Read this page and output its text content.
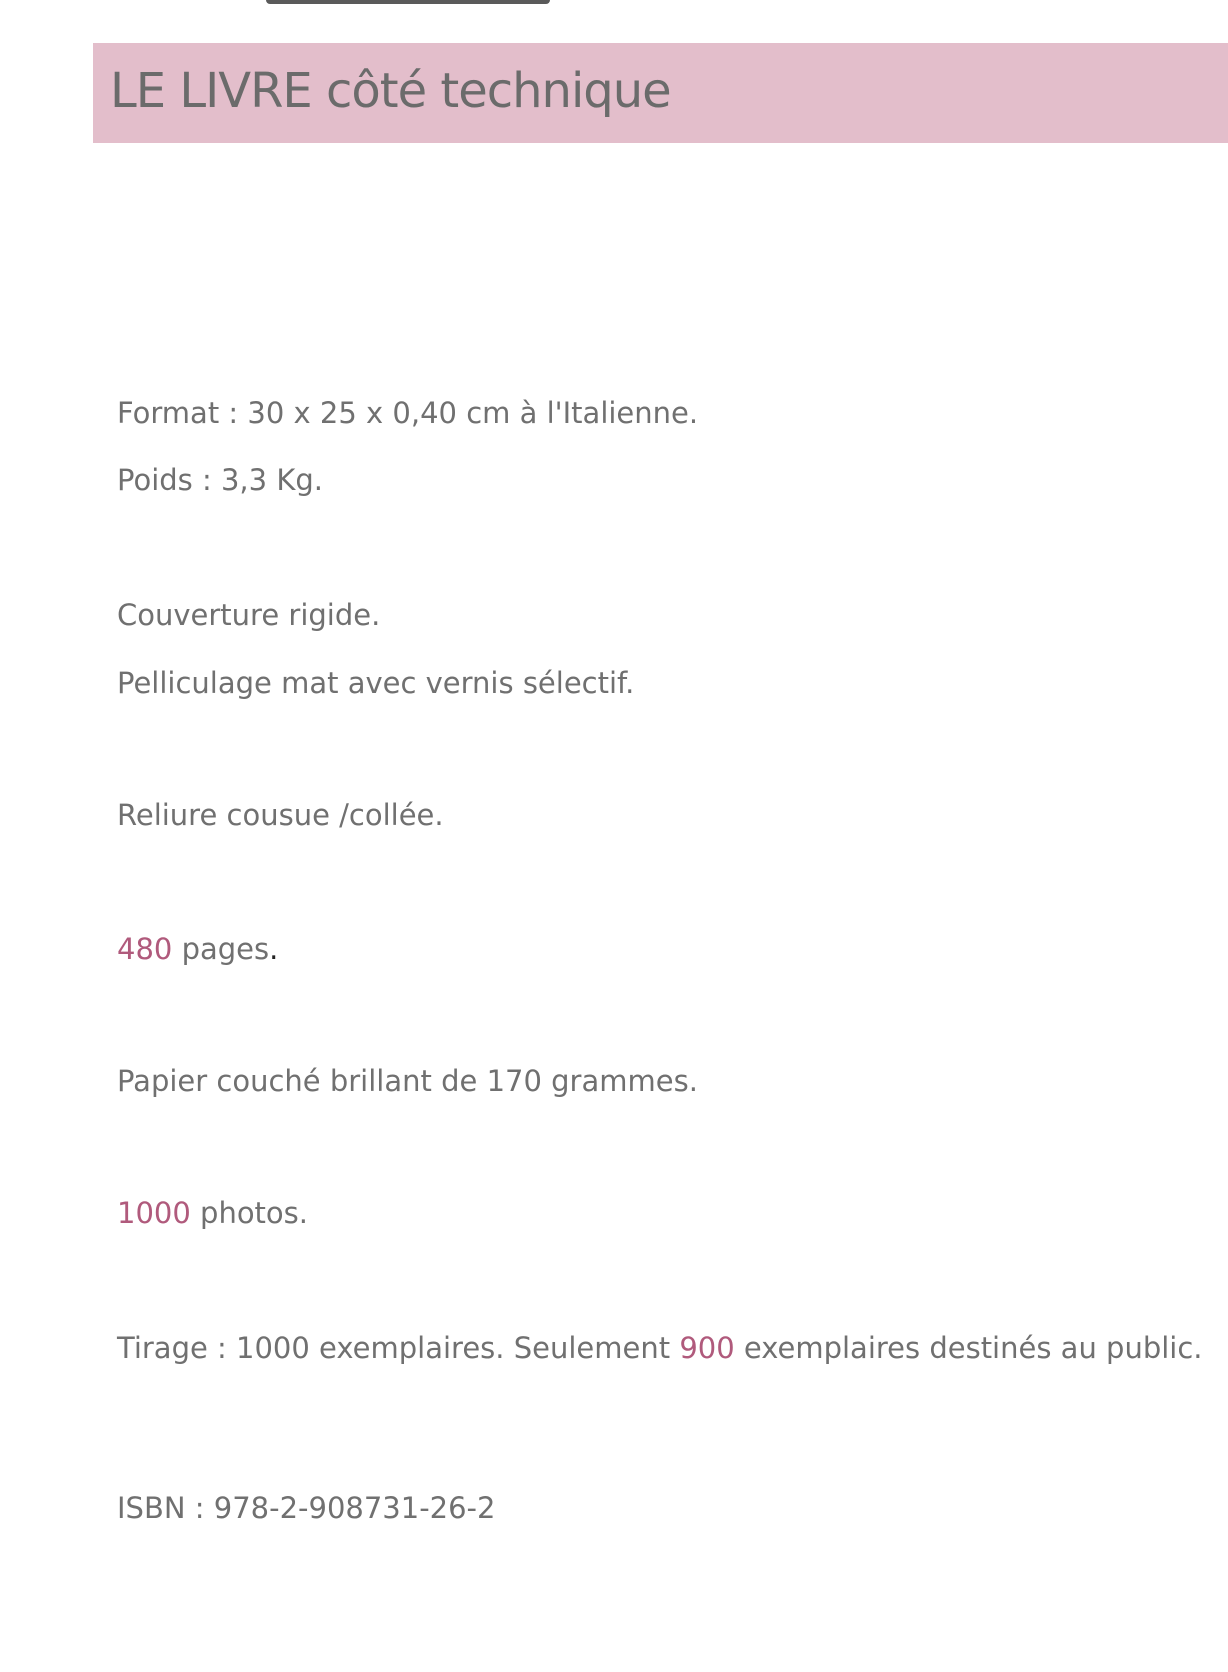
LE LIVRE côté technique

Format : 30 x 25 x 0,40 cm à l'Italienne.

Poids : 3,3 Kg.

Couverture rigide.

Pelliculage mat avec vernis sélectif.

Reliure cousue /collée.

480 pages.

Papier couché brillant de 170 grammes.

1000 photos.

Tirage : 1000 exemplaires. Seulement 900 exemplaires destinés au public.

ISBN : 978-2-908731-26-2
